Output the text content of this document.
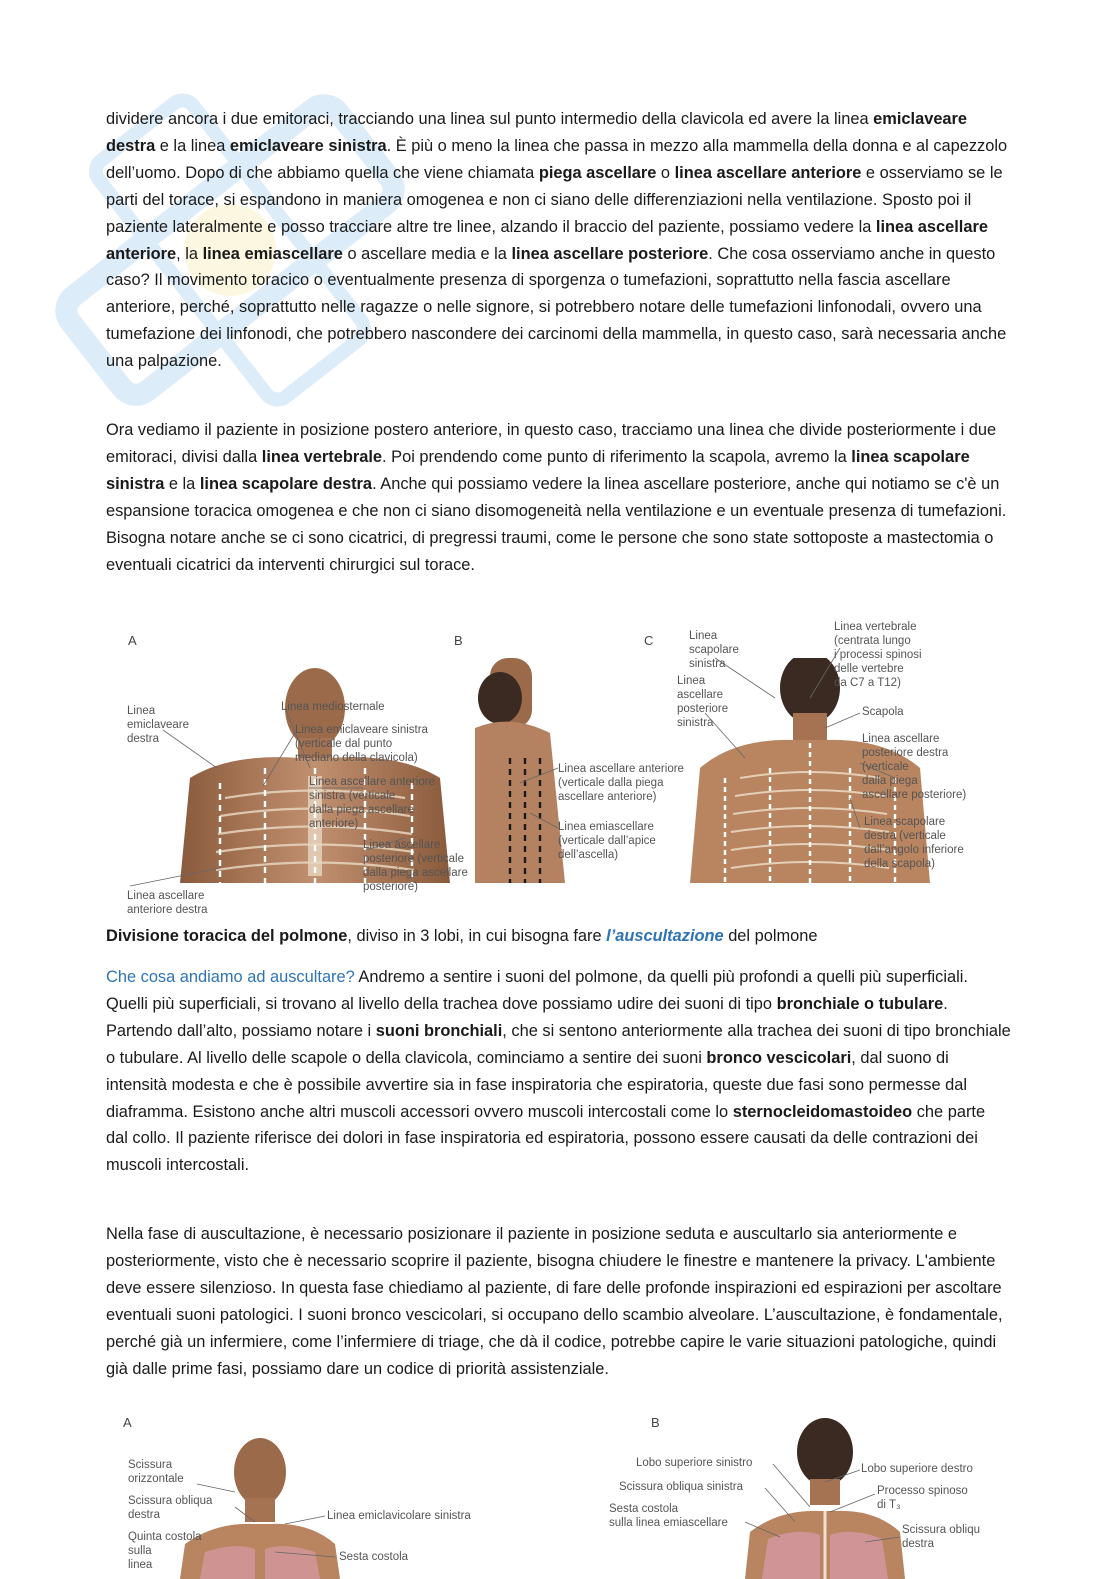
dividere ancora i due emitoraci, tracciando una linea sul punto intermedio della clavicola ed avere la linea emiclaveare destra e la linea emiclaveare sinistra. È più o meno la linea che passa in mezzo alla mammella della donna e al capezzolo dell’uomo. Dopo di che abbiamo quella che viene chiamata piega ascellare o linea ascellare anteriore e osserviamo se le parti del torace, si espandono in maniera omogenea e non ci siano delle differenziazioni nella ventilazione. Sposto poi il paziente lateralmente e posso tracciare altre tre linee, alzando il braccio del paziente, possiamo vedere la linea ascellare anteriore, la linea emiascellare o ascellare media e la linea ascellare posteriore. Che cosa osserviamo anche in questo caso? Il movimento toracico o eventualmente presenza di sporgenza o tumefazioni, soprattutto nella fascia ascellare anteriore, perché, soprattutto nelle ragazze o nelle signore, si potrebbero notare delle tumefazioni linfonodali, ovvero una tumefazione dei linfonodi, che potrebbero nascondere dei carcinomi della mammella, in questo caso, sarà necessaria anche una palpazione.

Ora vediamo il paziente in posizione postero anteriore, in questo caso, tracciamo una linea che divide posteriormente i due emitoraci, divisi dalla linea vertebrale. Poi prendendo come punto di riferimento la scapola, avremo la linea scapolare sinistra e la linea scapolare destra. Anche qui possiamo vedere la linea ascellare posteriore, anche qui notiamo se c'è un espansione toracica omogenea e che non ci siano disomogeneità nella ventilazione e un eventuale presenza di tumefazioni. Bisogna notare anche se ci sono cicatrici, di pregressi traumi, come le persone che sono state sottoposte a mastectomia o eventuali cicatrici da interventi chirurgici sul torace.

A	B	C
Linea
emiclaveare
destra
Linea mediosternale
Linea emiclaveare sinistra
(verticale dal punto
mediano della clavicola)
Linea ascellare anteriore
sinistra (verticale
dalla piega ascellare
anteriore)
Linea ascellare
posteriore (verticale
dalla piega ascellare
posteriore)
Linea ascellare
anteriore destra
Linea ascellare anteriore
(verticale dalla piega
ascellare anteriore)
Linea emiascellare
(verticale dall’apice
dell’ascella)
Linea
scapolare
sinistra
Linea
ascellare
posteriore
sinistra
Linea vertebrale
(centrata lungo
i processi spinosi
delle vertebre
da C7 a T12)
Scapola
Linea ascellare
posteriore destra
(verticale
dalla piega
ascellare posteriore)
Linea scapolare
destra (verticale
dall’angolo inferiore
della scapola)

Divisione toracica del polmone, diviso in 3 lobi, in cui bisogna fare l’auscultazione del polmone

Che cosa andiamo ad auscultare? Andremo a sentire i suoni del polmone, da quelli più profondi a quelli più superficiali. Quelli più superficiali, si trovano al livello della trachea dove possiamo udire dei suoni di tipo bronchiale o tubulare. Partendo dall’alto, possiamo notare i suoni bronchiali, che si sentono anteriormente alla trachea dei suoni di tipo bronchiale o tubulare. Al livello delle scapole o della clavicola, cominciamo a sentire dei suoni bronco vescicolari, dal suono di intensità modesta e che è possibile avvertire sia in fase inspiratoria che espiratoria, queste due fasi sono permesse dal diaframma. Esistono anche altri muscoli accessori ovvero muscoli intercostali come lo sternocleidomastoideo che parte dal collo. Il paziente riferisce dei dolori in fase inspiratoria ed espiratoria, possono essere causati da delle contrazioni dei muscoli intercostali.

Nella fase di auscultazione, è necessario posizionare il paziente in posizione seduta e auscultarlo sia anteriormente e posteriormente, visto che è necessario scoprire il paziente, bisogna chiudere le finestre e mantenere la privacy. L'ambiente deve essere silenzioso. In questa fase chiediamo al paziente, di fare delle profonde inspirazioni ed espirazioni per ascoltare eventuali suoni patologici. I suoni bronco vescicolari, si occupano dello scambio alveolare. L’auscultazione, è fondamentale, perché già un infermiere, come l’infermiere di triage, che dà il codice, potrebbe capire le varie situazioni patologiche, quindi già dalle prime fasi, possiamo dare un codice di priorità assistenziale.

A	B
Scissura
orizzontale
Scissura obliqua
destra
Quinta costola
sulla
linea
Linea emiclavicolare sinistra
Sesta costola
Lobo superiore sinistro
Scissura obliqua sinistra
Sesta costola
sulla linea emiascellare
Lobo superiore destro
Processo spinoso
di T₃
Scissura obliqu
destra
